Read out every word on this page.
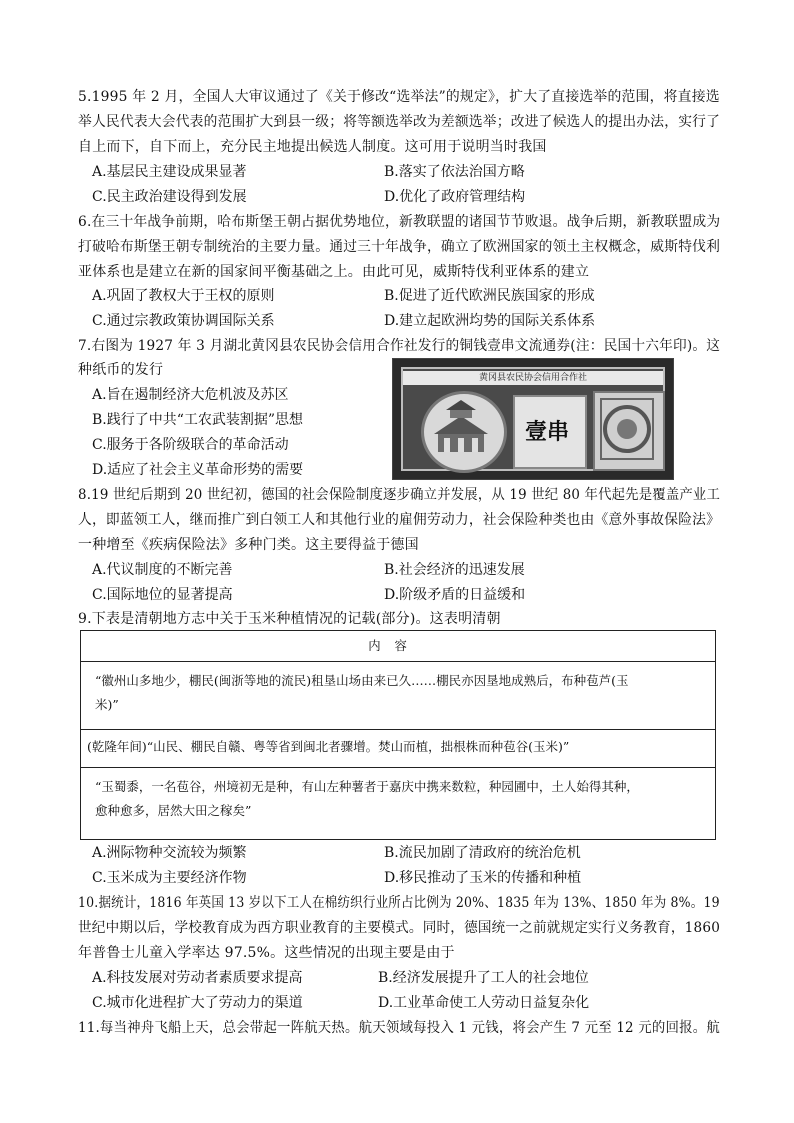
5.1995 年 2 月，全国人大审议通过了《关于修改“选举法”的规定》，扩大了直接选举的范围，将直接选
举人民代表大会代表的范围扩大到县一级；将等额选举改为差额选举；改进了候选人的提出办法，实行了
自上而下，自下而上，充分民主地提出候选人制度。这可用于说明当时我国
A.基层民主建设成果显著	B.落实了依法治国方略
C.民主政治建设得到发展	D.优化了政府管理结构
6.在三十年战争前期，哈布斯堡王朝占据优势地位，新教联盟的诸国节节败退。战争后期，新教联盟成为
打破哈布斯堡王朝专制统治的主要力量。通过三十年战争，确立了欧洲国家的领土主权概念，威斯特伐利
亚体系也是建立在新的国家间平衡基础之上。由此可见，威斯特伐利亚体系的建立
A.巩固了教权大于王权的原则	B.促进了近代欧洲民族国家的形成
C.通过宗教政策协调国际关系	D.建立起欧洲均势的国际关系体系
7.右图为 1927 年 3 月湖北黄冈县农民协会信用合作社发行的铜钱壹串文流通券(注：民国十六年印)。这
种纸币的发行
A.旨在遏制经济大危机波及苏区
B.践行了中共“工农武装割据”思想
C.服务于各阶级联合的革命活动
D.适应了社会主义革命形势的需要
黄冈县农民协会信用合作社
壹串
8.19 世纪后期到 20 世纪初，德国的社会保险制度逐步确立并发展，从 19 世纪 80 年代起先是覆盖产业工
人，即蓝领工人，继而推广到白领工人和其他行业的雇佣劳动力，社会保险种类也由《意外事故保险法》
一种增至《疾病保险法》多种门类。这主要得益于德国
A.代议制度的不断完善	B.社会经济的迅速发展
C.国际地位的显著提高	D.阶级矛盾的日益缓和
9.下表是清朝地方志中关于玉米种植情况的记载(部分)。这表明清朝
内容
“徽州山多地少，棚民(闽浙等地的流民)租垦山场由来已久……棚民亦因垦地成熟后，布种苞芦(玉
米)”
(乾隆年间)“山民、棚民自赣、粤等省到闽北者骤增。焚山而植，拙根株而种苞谷(玉米)”
“玉蜀黍，一名苞谷，州境初无是种，有山左种薯者于嘉庆中携来数粒，种园圃中，土人始得其种，
愈种愈多，居然大田之稼矣”
A.洲际物种交流较为频繁	B.流民加剧了清政府的统治危机
C.玉米成为主要经济作物	D.移民推动了玉米的传播和种植
10.据统计，1816 年英国 13 岁以下工人在棉纺织行业所占比例为 20%、1835 年为 13%、1850 年为 8%。19
世纪中期以后，学校教育成为西方职业教育的主要模式。同时，德国统一之前就规定实行义务教育，1860
年普鲁士儿童入学率达 97.5%。这些情况的出现主要是由于
A.科技发展对劳动者素质要求提高	B.经济发展提升了工人的社会地位
C.城市化进程扩大了劳动力的渠道	D.工业革命使工人劳动日益复杂化
11.每当神舟飞船上天，总会带起一阵航天热。航天领域每投入 1 元钱，将会产生 7 元至 12 元的回报。航
